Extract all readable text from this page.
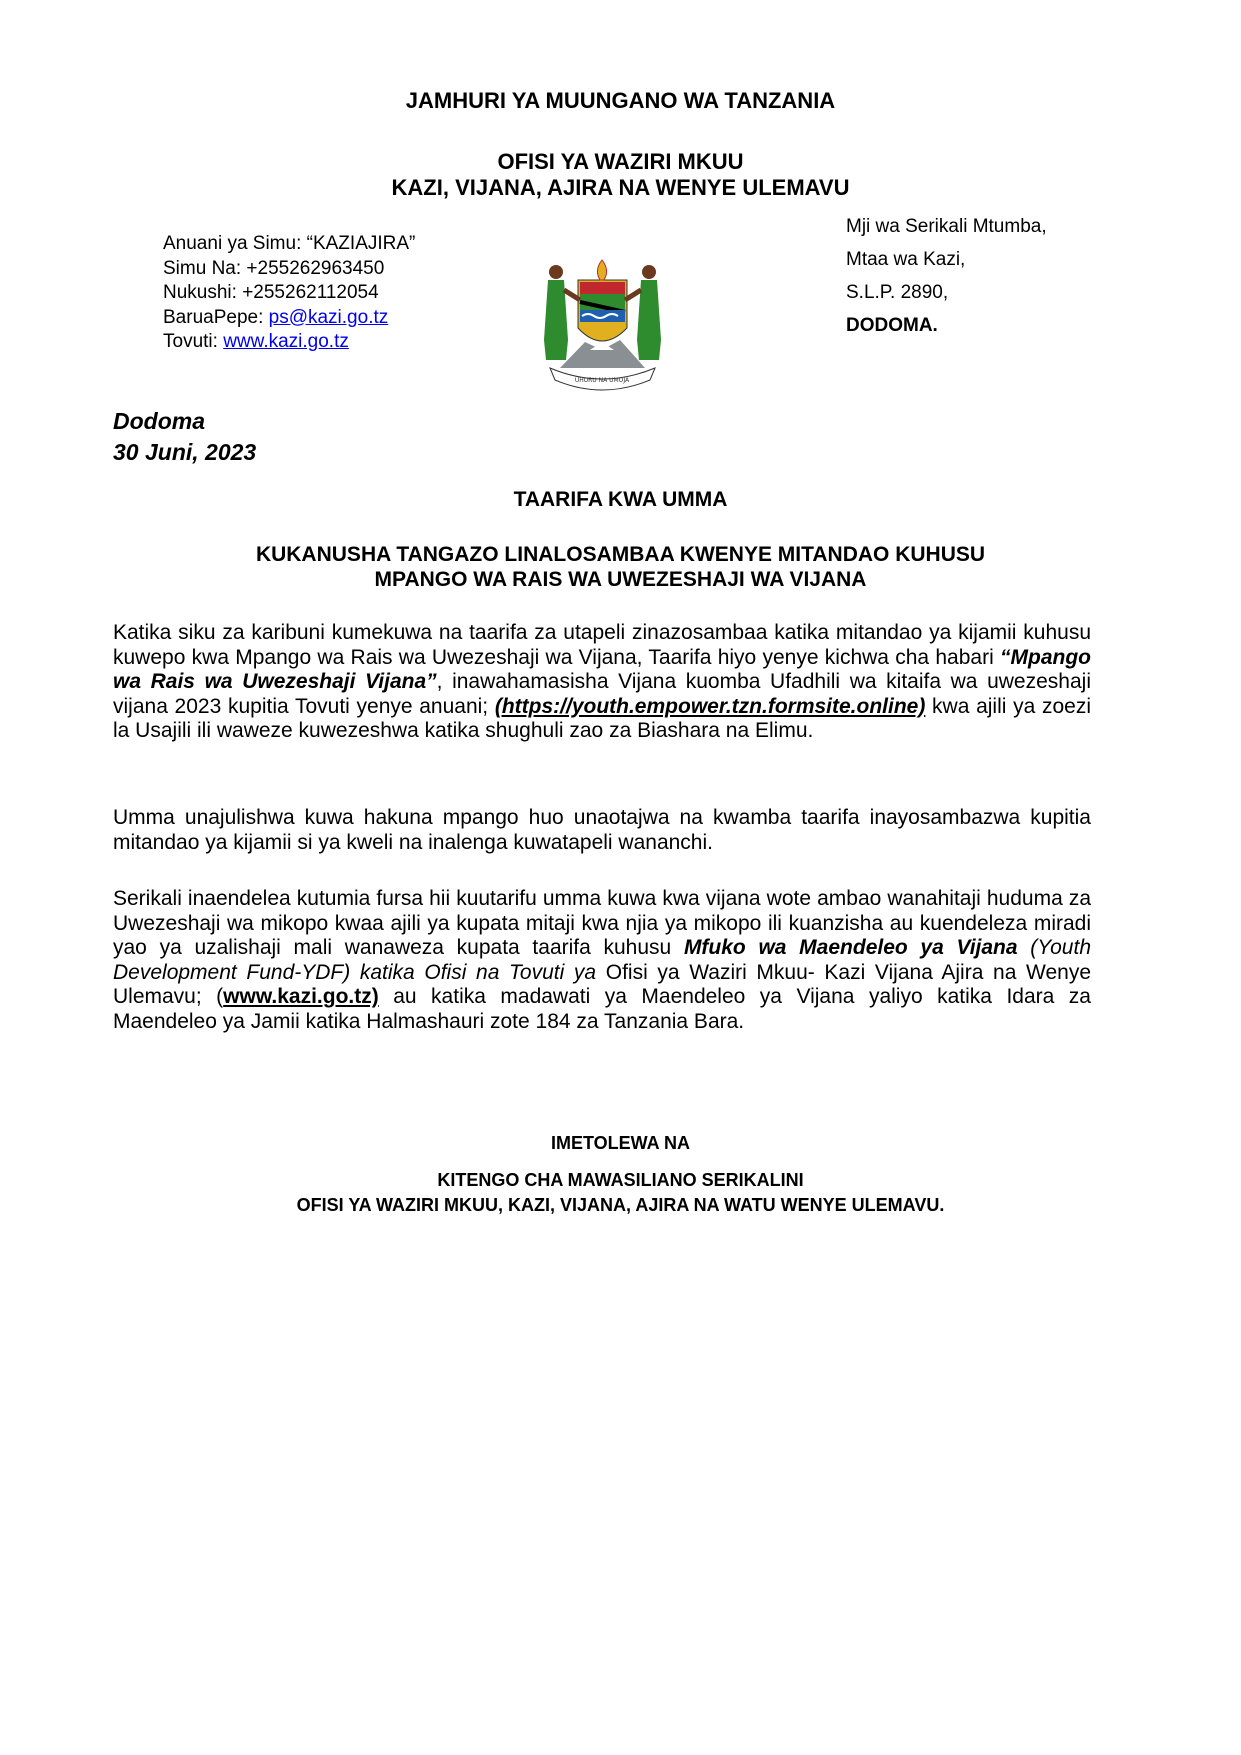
JAMHURI YA MUUNGANO WA TANZANIA
OFISI YA WAZIRI MKUU
KAZI, VIJANA, AJIRA NA WENYE ULEMAVU
Anuani ya Simu: “KAZIAJIRA”
Simu Na: +255262963450
Nukushi: +255262112054
BaruaPepe: ps@kazi.go.tz
Tovuti: www.kazi.go.tz
UHURU NA UMOJA
Mji wa Serikali Mtumba,
Mtaa wa Kazi,
S.L.P. 2890,
DODOMA.
Dodoma
30 Juni, 2023
TAARIFA KWA UMMA
KUKANUSHA TANGAZO LINALOSAMBAA KWENYE MITANDAO KUHUSU
MPANGO WA RAIS WA UWEZESHAJI WA VIJANA
Katika siku za karibuni kumekuwa na taarifa za utapeli zinazosambaa katika mitandao ya kijamii kuhusu kuwepo kwa Mpango wa Rais wa Uwezeshaji wa Vijana, Taarifa hiyo yenye kichwa cha habari “Mpango wa Rais wa Uwezeshaji Vijana”, inawahamasisha Vijana kuomba Ufadhili wa kitaifa wa uwezeshaji vijana 2023 kupitia Tovuti yenye anuani; (https://youth.empower.tzn.formsite.online) kwa ajili ya zoezi la Usajili ili waweze kuwezeshwa katika shughuli zao za Biashara na Elimu.
Umma unajulishwa kuwa hakuna mpango huo unaotajwa na kwamba taarifa inayosambazwa kupitia mitandao ya kijamii si ya kweli na inalenga kuwatapeli wananchi.
Serikali inaendelea kutumia fursa hii kuutarifu umma kuwa kwa vijana wote ambao wanahitaji huduma za Uwezeshaji wa mikopo kwaa ajili ya kupata mitaji kwa njia ya mikopo ili kuanzisha au kuendeleza miradi yao ya uzalishaji mali wanaweza kupata taarifa kuhusu Mfuko wa Maendeleo ya Vijana (Youth Development Fund-YDF) katika Ofisi na Tovuti ya Ofisi ya Waziri Mkuu- Kazi Vijana Ajira na Wenye Ulemavu; (www.kazi.go.tz) au katika madawati ya Maendeleo ya Vijana yaliyo katika Idara za Maendeleo ya Jamii katika Halmashauri zote 184 za Tanzania Bara.
IMETOLEWA NA
KITENGO CHA MAWASILIANO SERIKALINI
OFISI YA WAZIRI MKUU, KAZI, VIJANA, AJIRA NA WATU WENYE ULEMAVU.
